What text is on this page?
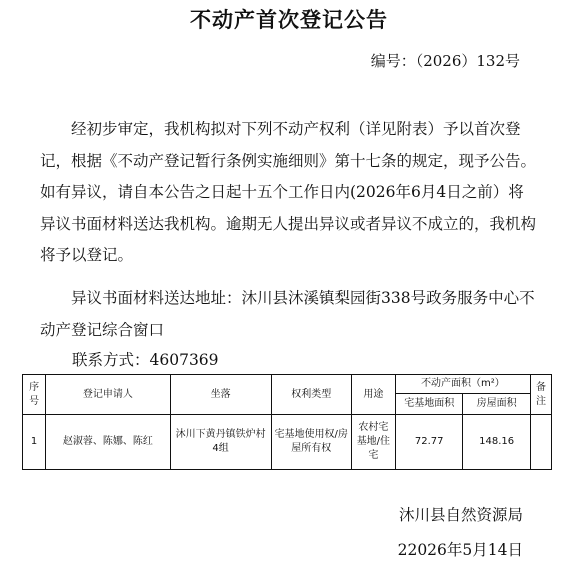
不动产首次登记公告
编号：（2026）132号
经初步审定，我机构拟对下列不动产权利（详见附表）予以首次登记，根据《不动产登记暂行条例实施细则》第十七条的规定，现予公告。如有异议，请自本公告之日起十五个工作日内(2026年6月4日之前）将异议书面材料送达我机构。逾期无人提出异议或者异议不成立的，我机构将予以登记。
异议书面材料送达地址：沐川县沐溪镇梨园街338号政务服务中心不动产登记综合窗口
联系方式：4607369
序号	登记申请人	坐落	权利类型	用途	不动产面积（m²）		备注
					宅基地面积	房屋面积	
1	赵淑蓉、陈娜、陈红	沐川下黄丹镇铁炉村4组	宅基地使用权/房屋所有权	农村宅基地/住宅	72.77	148.16	
沐川县自然资源局
22026年5月14日
